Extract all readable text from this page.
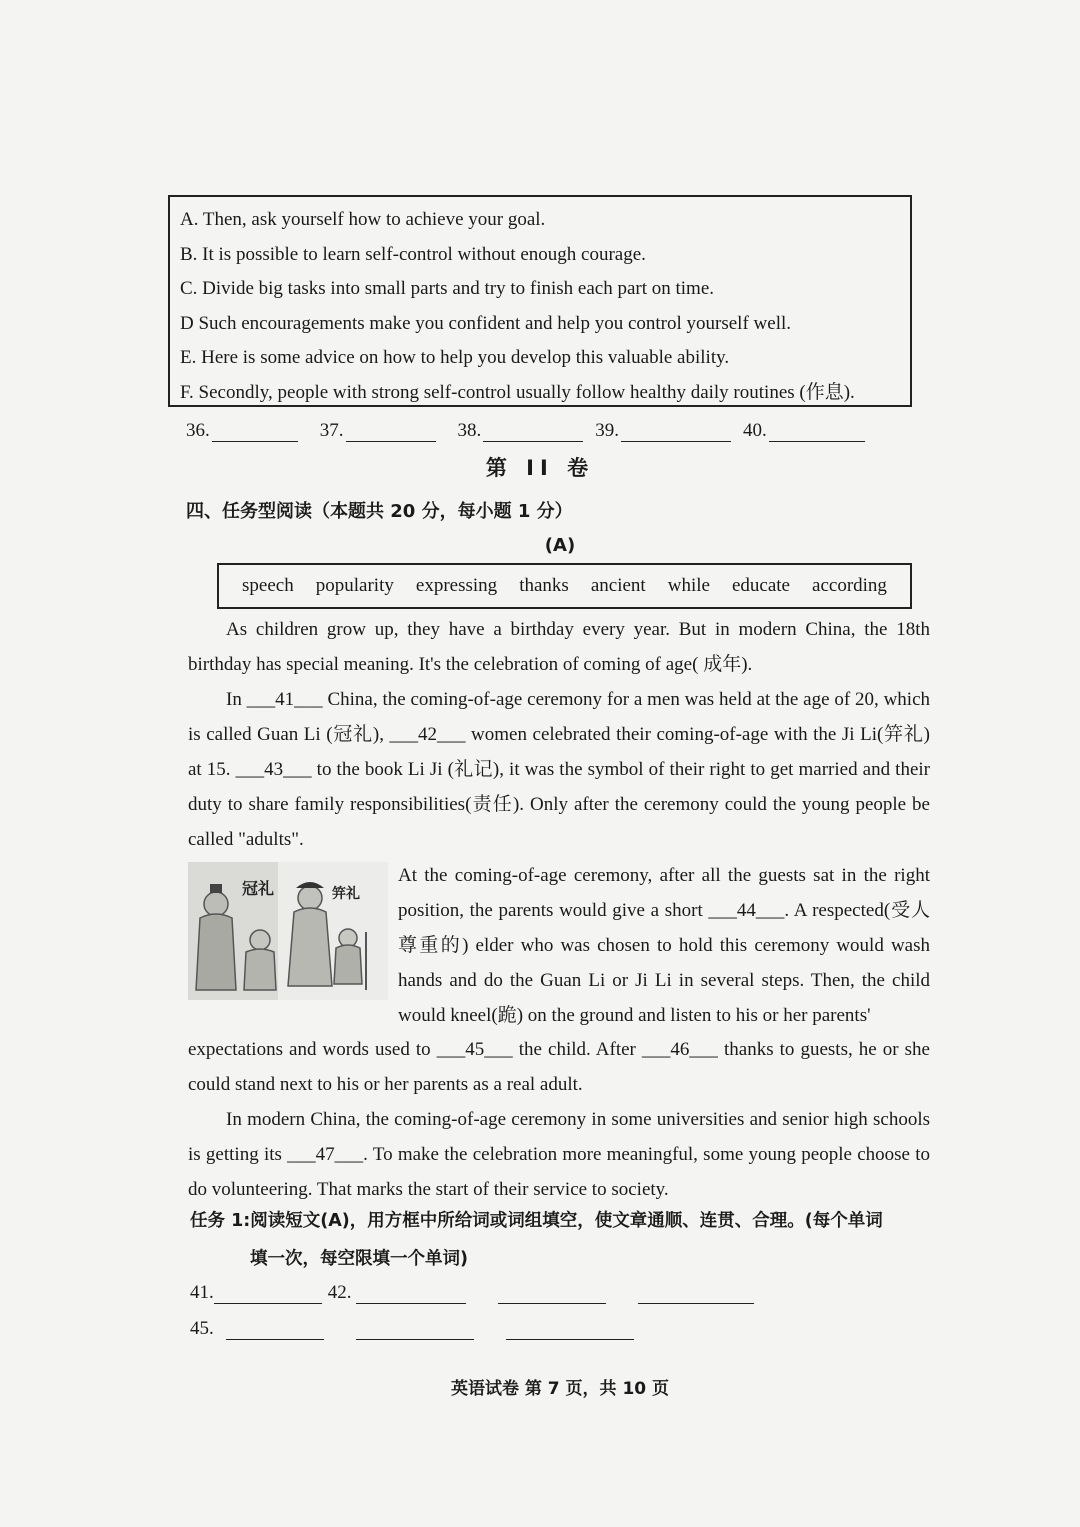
A. Then, ask yourself how to achieve your goal.
B. It is possible to learn self-control without enough courage.
C. Divide big tasks into small parts and try to finish each part on time.
D Such encouragements make you confident and help you control yourself well.
E. Here is some advice on how to help you develop this valuable ability.
F. Secondly, people with strong self-control usually follow healthy daily routines (作息).
36.	37.	38.	39.	40.
第 II 卷
四、任务型阅读（本题共 20 分，每小题 1 分）
(A)
speech popularity expressing thanks ancient while educate according
As children grow up, they have a birthday every year. But in modern China, the 18th birthday has special meaning. It's the celebration of coming of age( 成年).
In ___41___ China, the coming-of-age ceremony for a men was held at the age of 20, which is called Guan Li (冠礼), ___42___ women celebrated their coming-of-age with the Ji Li(笄礼) at 15. ___43___ to the book Li Ji (礼记), it was the symbol of their right to get married and their duty to share family responsibilities(责任). Only after the ceremony could the young people be called "adults".
冠礼	笄礼
At the coming-of-age ceremony, after all the guests sat in the right position, the parents would give a short ___44___. A respected(受人尊重的) elder who was chosen to hold this ceremony would wash hands and do the Guan Li or Ji Li in several steps. Then, the child would kneel(跪) on the ground and listen to his or her parents'
expectations and words used to ___45___ the child. After ___46___ thanks to guests, he or she could stand next to his or her parents as a real adult.
In modern China, the coming-of-age ceremony in some universities and senior high schools is getting its ___47___. To make the celebration more meaningful, some young people choose to do volunteering. That marks the start of their service to society.
任务 1:阅读短文(A)，用方框中所给词或词组填空，使文章通顺、连贯、合理。(每个单词
填一次，每空限填一个单词)
41.	42.
45.
英语试卷 第 7 页，共 10 页
